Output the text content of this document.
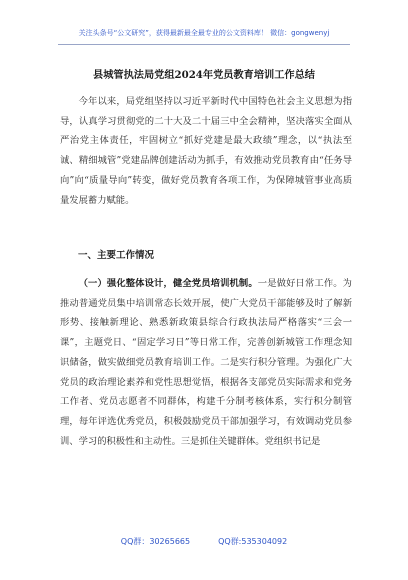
关注头条号“公文研究”，获得最新最全最专业的公文资料库！ 微信：gongwenyj
县城管执法局党组2024年党员教育培训工作总结
今年以来，局党组坚持以习近平新时代中国特色社会主义思想为指导，认真学习贯彻党的二十大及二十届三中全会精神，坚决落实全面从严治党主体责任，牢固树立“抓好党建是最大政绩”理念，以“执法至诚、精细城管”党建品牌创建活动为抓手，有效推动党员教育由“任务导向”向“质量导向”转变，做好党员教育各项工作，为保障城管事业高质量发展蓄力赋能。
一、主要工作情况
（一）强化整体设计，健全党员培训机制。一是做好日常工作。为推动普通党员集中培训常态长效开展，使广大党员干部能够及时了解新形势、接触新理论、熟悉新政策县综合行政执法局严格落实“三会一课”，主题党日、“固定学习日”等日常工作，完善创新城管工作理念知识储备，做实做细党员教育培训工作。二是实行积分管理。为强化广大党员的政治理论素养和党性思想觉悟，根据各支部党员实际需求和党务工作者、党员志愿者不同群体，构建千分制考核体系，实行积分制管理，每年评选优秀党员，积极鼓励党员干部加强学习，有效调动党员参训、学习的积极性和主动性。三是抓住关键群体。党组织书记是
QQ群：30265665	QQ群:535304092
